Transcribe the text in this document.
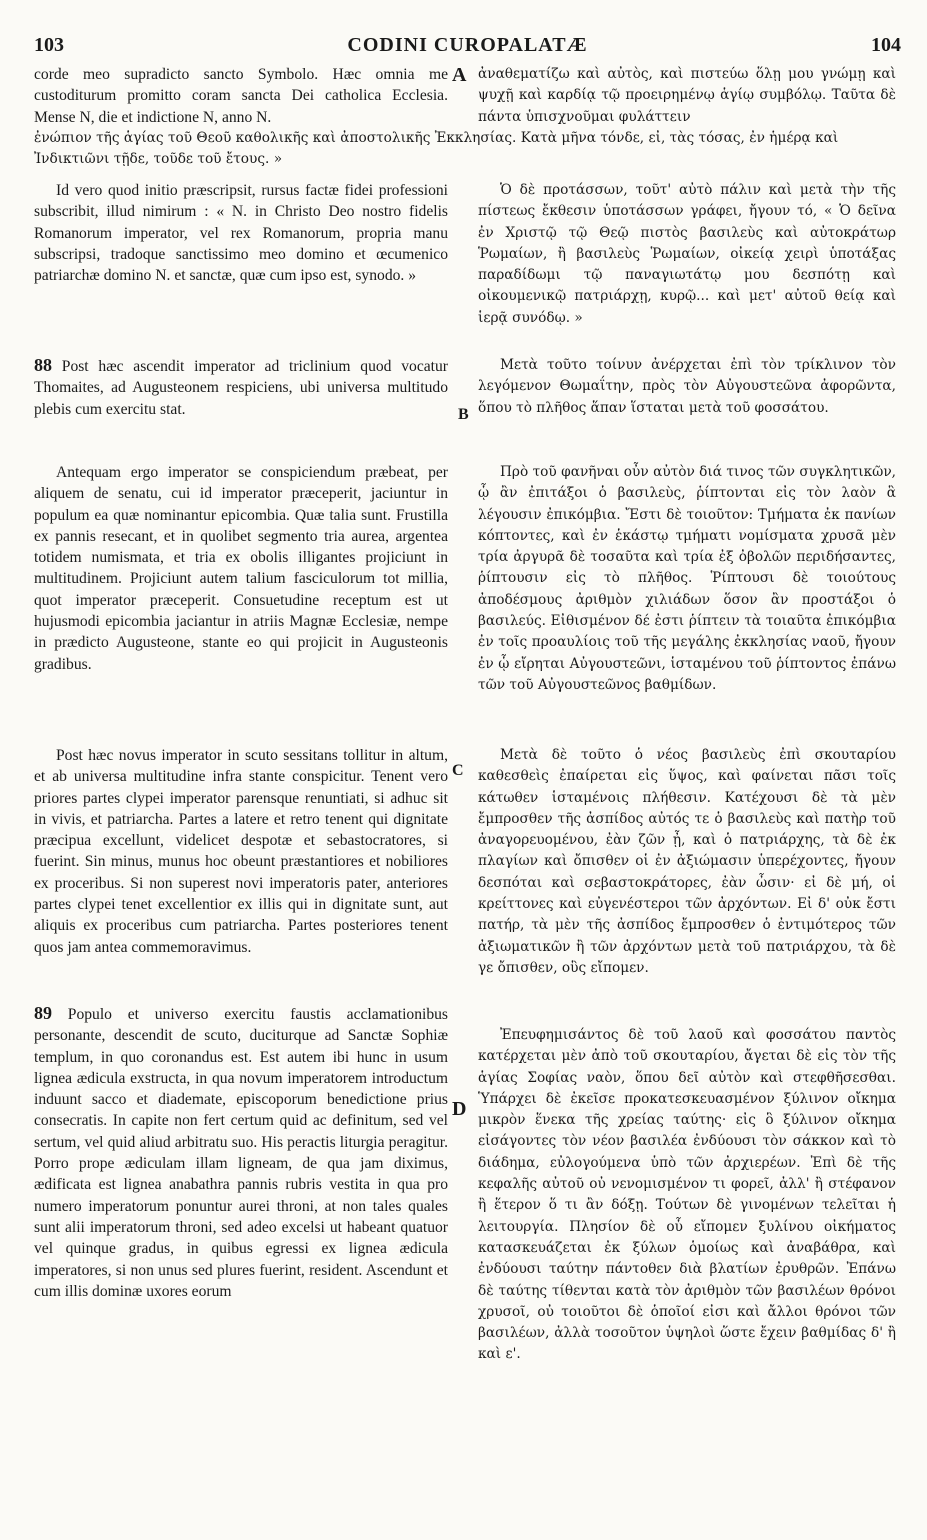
103	CODINI CUROPALATÆ	104

corde meo supradicto sancto Symbolo. Hæc omnia me custoditurum promitto coram sancta Dei catholica Ecclesia. Mense N, die et indictione N, anno N.

ἀναθεματίζω καὶ αὐτὸς, καὶ πιστεύω ὅλῃ μου γνώμῃ καὶ ψυχῇ καὶ καρδίᾳ τῷ προειρημένῳ ἁγίῳ συμβόλῳ. Ταῦτα δὲ πάντα ὑπισχνοῦμαι φυλάττειν

ἐνώπιον τῆς ἁγίας τοῦ Θεοῦ καθολικῆς καὶ ἀποστολικῆς Ἐκκλησίας. Κατὰ μῆνα τόνδε, εἰ, τὰς τόσας, ἐν ἡμέρᾳ καὶ Ἰνδικτιῶνι τῇδε, τοῦδε τοῦ ἔτους. »

A

Id vero quod initio præscripsit, rursus factæ fidei professioni subscribit, illud nimirum : « N. in Christo Deo nostro fidelis Romanorum imperator, vel rex Romanorum, propria manu subscripsi, tradoque sanctissimo meo domino et œcumenico patriarchæ domino N. et sanctæ, quæ cum ipso est, synodo. »

88 Post hæc ascendit imperator ad triclinium quod vocatur Thomaites, ad Augusteonem respiciens, ubi universa multitudo plebis cum exercitu stat.

Antequam ergo imperator se conspiciendum præbeat, per aliquem de senatu, cui id imperator præceperit, jaciuntur in populum ea quæ nominantur epicombia. Quæ talia sunt. Frustilla ex pannis resecant, et in quolibet segmento tria aurea, argentea totidem numismata, et tria ex obolis illigantes projiciunt in multitudinem. Projiciunt autem talium fasciculorum tot millia, quot imperator præceperit. Consuetudine receptum est ut hujusmodi epicombia jaciantur in atriis Magnæ Ecclesiæ, nempe in prædicto Augusteone, stante eo qui projicit in Augusteonis gradibus.

Post hæc novus imperator in scuto sessitans tollitur in altum, et ab universa multitudine infra stante conspicitur. Tenent vero priores partes clypei imperator parensque renuntiati, si adhuc sit in vivis, et patriarcha. Partes a latere et retro tenent qui dignitate præcipua excellunt, videlicet despotæ et sebastocratores, si fuerint. Sin minus, munus hoc obeunt præstantiores et nobiliores ex proceribus. Si non superest novi imperatoris pater, anteriores partes clypei tenet excellentior ex illis qui in dignitate sunt, aut aliquis ex proceribus cum patriarcha. Partes posteriores tenent quos jam antea commemoravimus.

89 Populo et universo exercitu faustis acclamationibus personante, descendit de scuto, duciturque ad Sanctæ Sophiæ templum, in quo coronandus est. Est autem ibi hunc in usum lignea ædicula exstructa, in qua novum imperatorem introductum induunt sacco et diademate, episcoporum benedictione prius consecratis. In capite non fert certum quid ac definitum, sed vel sertum, vel quid aliud arbitratu suo. His peractis liturgia peragitur. Porro prope ædiculam illam ligneam, de qua jam diximus, ædificata est lignea anabathra pannis rubris vestita in qua pro numero imperatorum ponuntur aurei throni, at non tales quales sunt alii imperatorum throni, sed adeo excelsi ut habeant quatuor vel quinque gradus, in quibus egressi ex lignea ædicula imperatores, si non unus sed plures fuerint, resident. Ascendunt et cum illis dominæ uxores eorum

Ὁ δὲ προτάσσων, τοῦτ' αὐτὸ πάλιν καὶ μετὰ τὴν τῆς πίστεως ἔκθεσιν ὑποτάσσων γράφει, ἤγουν τό, « Ὁ δεῖνα ἐν Χριστῷ τῷ Θεῷ πιστὸς βασιλεὺς καὶ αὐτοκράτωρ Ῥωμαίων, ἢ βασιλεὺς Ῥωμαίων, οἰκείᾳ χειρὶ ὑποτάξας παραδίδωμι τῷ παναγιωτάτῳ μου δεσπότῃ καὶ οἰκουμενικῷ πατριάρχῃ, κυρῷ... καὶ μετ' αὐτοῦ θείᾳ καὶ ἱερᾷ συνόδῳ. »

Μετὰ τοῦτο τοίνυν ἀνέρχεται ἐπὶ τὸν τρίκλινον τὸν λεγόμενον Θωμαΐτην, πρὸς τὸν Αὐγουστεῶνα ἀφορῶντα, ὅπου τὸ πλῆθος ἅπαν ἵσταται μετὰ τοῦ φοσσάτου.

Πρὸ τοῦ φανῆναι οὖν αὐτὸν διά τινος τῶν συγκλητικῶν, ᾧ ἂν ἐπιτάξοι ὁ βασιλεὺς, ῥίπτονται εἰς τὸν λαὸν ἃ λέγουσιν ἐπικόμβια. Ἔστι δὲ τοιοῦτον: Τμήματα ἐκ πανίων κόπτοντες, καὶ ἐν ἑκάστῳ τμήματι νομίσματα χρυσᾶ μὲν τρία ἀργυρᾶ δὲ τοσαῦτα καὶ τρία ἐξ ὀβολῶν περιδήσαντες, ῥίπτουσιν εἰς τὸ πλῆθος. Ῥίπτουσι δὲ τοιούτους ἀποδέσμους ἀριθμὸν χιλιάδων ὅσον ἂν προστάξοι ὁ βασιλεύς. Εἰθισμένον δέ ἐστι ῥίπτειν τὰ τοιαῦτα ἐπικόμβια ἐν τοῖς προαυλίοις τοῦ τῆς μεγάλης ἐκκλησίας ναοῦ, ἤγουν ἐν ᾧ εἴρηται Αὐγουστεῶνι, ἱσταμένου τοῦ ῥίπτοντος ἐπάνω τῶν τοῦ Αὐγουστεῶνος βαθμίδων.

Μετὰ δὲ τοῦτο ὁ νέος βασιλεὺς ἐπὶ σκουταρίου καθεσθεὶς ἐπαίρεται εἰς ὕψος, καὶ φαίνεται πᾶσι τοῖς κάτωθεν ἱσταμένοις πλήθεσιν. Κατέχουσι δὲ τὰ μὲν ἔμπροσθεν τῆς ἀσπίδος αὐτός τε ὁ βασιλεὺς καὶ πατὴρ τοῦ ἀναγορευομένου, ἐὰν ζῶν ᾖ, καὶ ὁ πατριάρχης, τὰ δὲ ἐκ πλαγίων καὶ ὄπισθεν οἱ ἐν ἀξιώμασιν ὑπερέχοντες, ἤγουν δεσπόται καὶ σεβαστοκράτορες, ἐὰν ὦσιν· εἰ δὲ μή, οἱ κρείττονες καὶ εὐγενέστεροι τῶν ἀρχόντων. Εἰ δ' οὐκ ἔστι πατήρ, τὰ μὲν τῆς ἀσπίδος ἔμπροσθεν ὁ ἐντιμότερος τῶν ἀξιωματικῶν ἢ τῶν ἀρχόντων μετὰ τοῦ πατριάρχου, τὰ δὲ γε ὄπισθεν, οὓς εἴπομεν.

Ἐπευφημισάντος δὲ τοῦ λαοῦ καὶ φοσσάτου παντὸς κατέρχεται μὲν ἀπὸ τοῦ σκουταρίου, ἄγεται δὲ εἰς τὸν τῆς ἁγίας Σοφίας ναὸν, ὅπου δεῖ αὐτὸν καὶ στεφθῆσεσθαι. Ὑπάρχει δὲ ἐκεῖσε προκατεσκευασμένον ξύλινον οἴκημα μικρὸν ἕνεκα τῆς χρείας ταύτης· εἰς ὃ ξύλινον οἴκημα εἰσάγοντες τὸν νέον βασιλέα ἐνδύουσι τὸν σάκκον καὶ τὸ διάδημα, εὐλογούμενα ὑπὸ τῶν ἀρχιερέων. Ἐπὶ δὲ τῆς κεφαλῆς αὐτοῦ οὐ νενομισμένον τι φορεῖ, ἀλλ' ἢ στέφανον ἢ ἕτερον ὅ τι ἂν δόξῃ. Τούτων δὲ γινομένων τελεῖται ἡ λειτουργία. Πλησίον δὲ οὗ εἴπομεν ξυλίνου οἰκήματος κατασκευάζεται ἐκ ξύλων ὁμοίως καὶ ἀναβάθρα, καὶ ἐνδύουσι ταύτην πάντοθεν διὰ βλατίων ἐρυθρῶν. Ἐπάνω δὲ ταύτης τίθενται κατὰ τὸν ἀριθμὸν τῶν βασιλέων θρόνοι χρυσοῖ, οὐ τοιοῦτοι δὲ ὁποῖοί εἰσι καὶ ἄλλοι θρόνοι τῶν βασιλέων, ἀλλὰ τοσοῦτον ὑψηλοὶ ὥστε ἔχειν βαθμίδας δ' ἢ καὶ ε'.

B
C
D
